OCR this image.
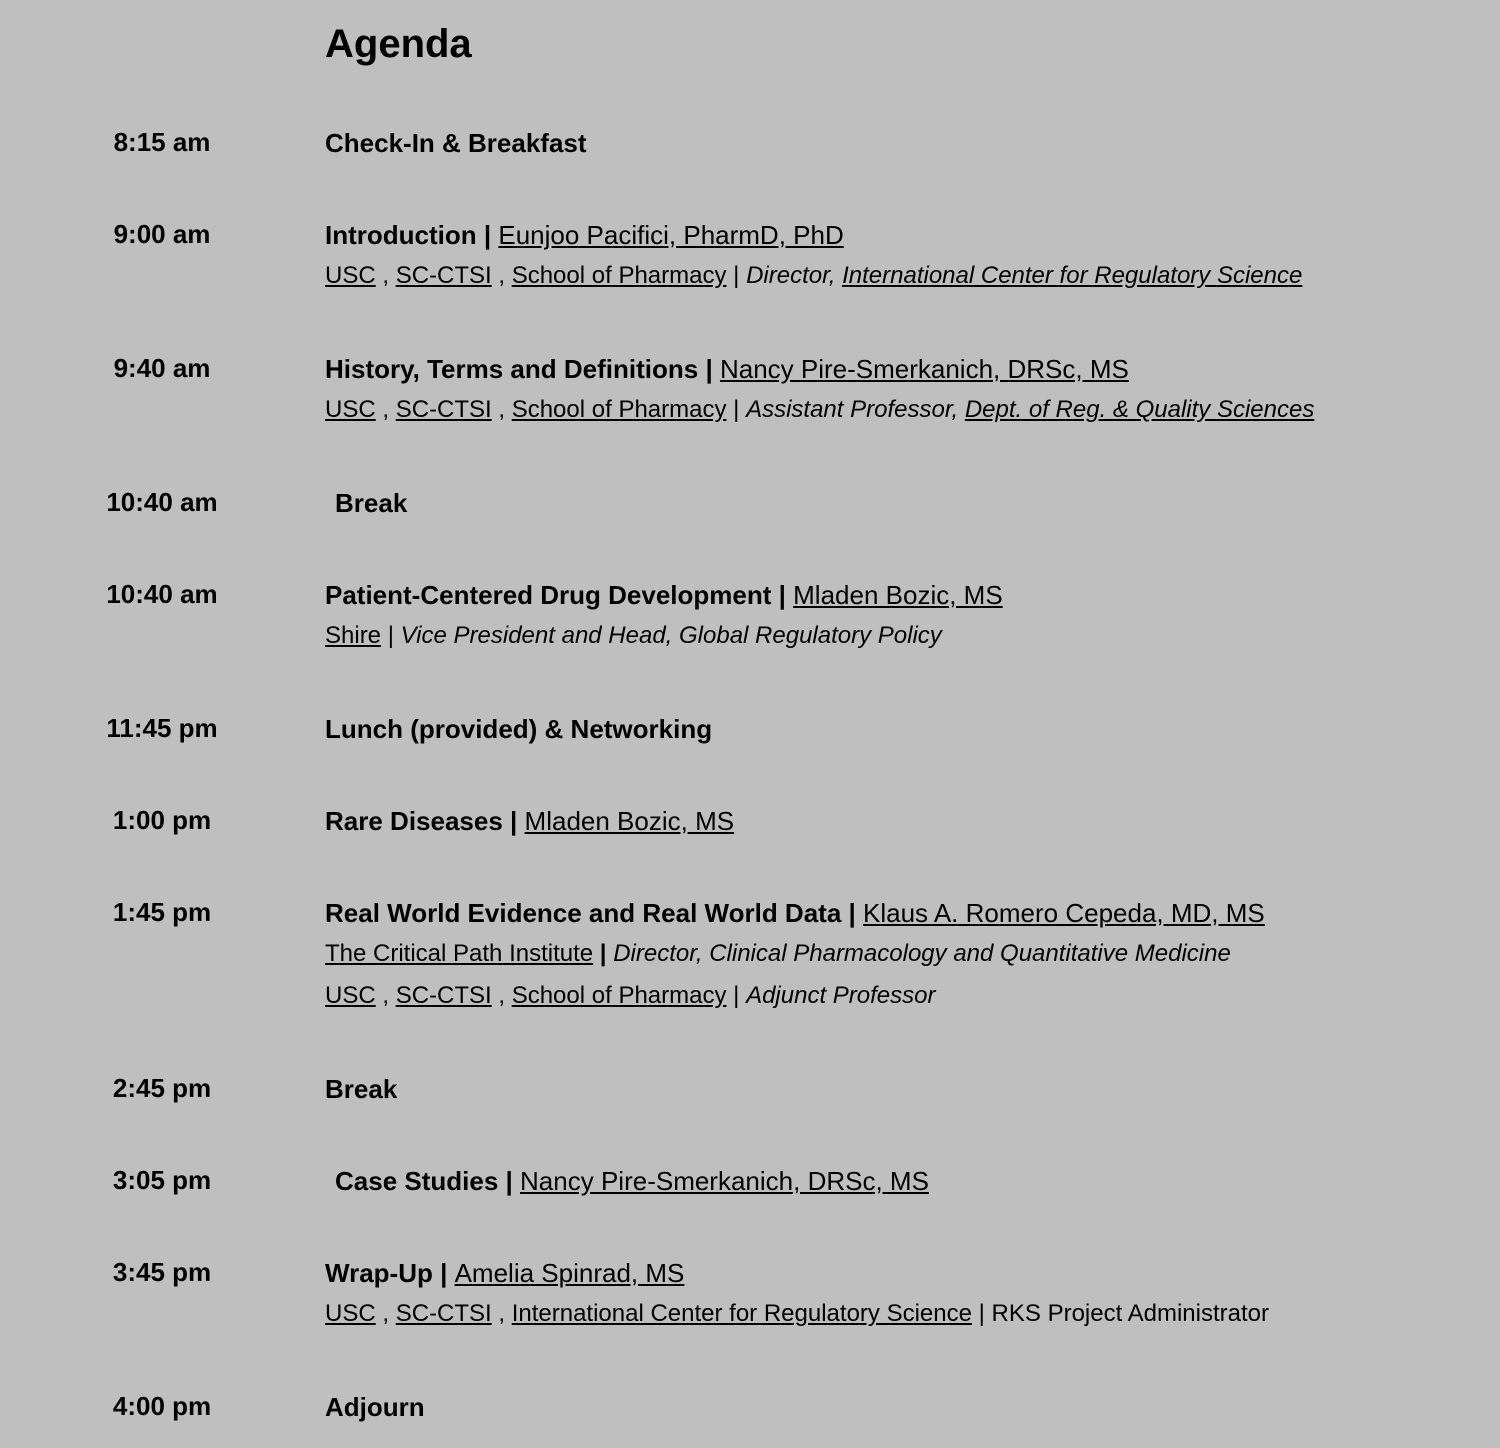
Agenda
8:15 am	Check-In & Breakfast
9:00 am	Introduction | Eunjoo Pacifici, PharmD, PhD
USC , SC-CTSI , School of Pharmacy | Director, International Center for Regulatory Science
9:40 am	History, Terms and Definitions | Nancy Pire-Smerkanich, DRSc, MS
USC , SC-CTSI , School of Pharmacy | Assistant Professor, Dept. of Reg. & Quality Sciences
10:40 am	Break
10:40 am	Patient-Centered Drug Development | Mladen Bozic, MS
Shire | Vice President and Head, Global Regulatory Policy
11:45 pm	Lunch (provided) & Networking
1:00 pm	Rare Diseases | Mladen Bozic, MS
1:45 pm	Real World Evidence and Real World Data | Klaus A. Romero Cepeda, MD, MS
The Critical Path Institute | Director, Clinical Pharmacology and Quantitative Medicine
USC , SC-CTSI , School of Pharmacy | Adjunct Professor
2:45 pm	Break
3:05 pm	Case Studies | Nancy Pire-Smerkanich, DRSc, MS
3:45 pm	Wrap-Up | Amelia Spinrad, MS
USC , SC-CTSI , International Center for Regulatory Science | RKS Project Administrator
4:00 pm	Adjourn
